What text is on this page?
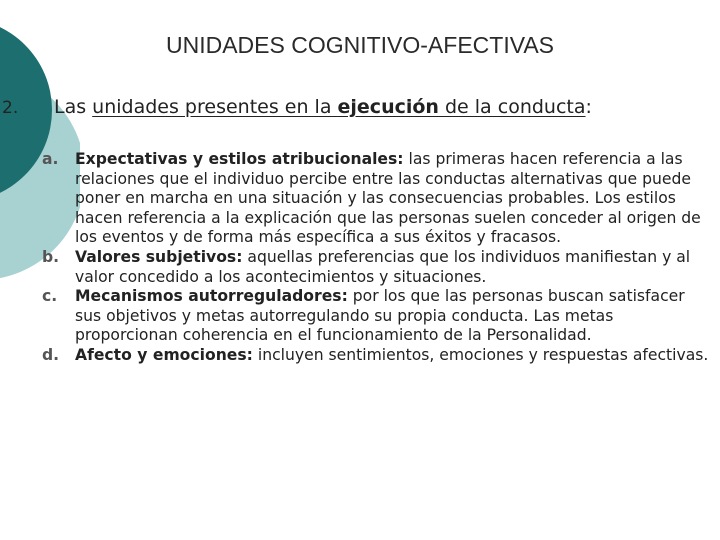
UNIDADES COGNITIVO-AFECTIVAS
2. Las unidades presentes en la ejecución de la conducta:
a. Expectativas y estilos atribucionales: las primeras hacen referencia a las relaciones que el individuo percibe entre las conductas alternativas que puede poner en marcha en una situación y las consecuencias probables. Los estilos hacen referencia a la explicación que las personas suelen conceder al origen de los eventos y de forma más específica a sus éxitos y fracasos.
b. Valores subjetivos: aquellas preferencias que los individuos manifiestan y al valor concedido a los acontecimientos y situaciones.
c. Mecanismos autorreguladores: por los que las personas buscan satisfacer sus objetivos y metas autorregulando su propia conducta. Las metas proporcionan coherencia en el funcionamiento de la Personalidad.
d. Afecto y emociones: incluyen sentimientos, emociones y respuestas afectivas.
